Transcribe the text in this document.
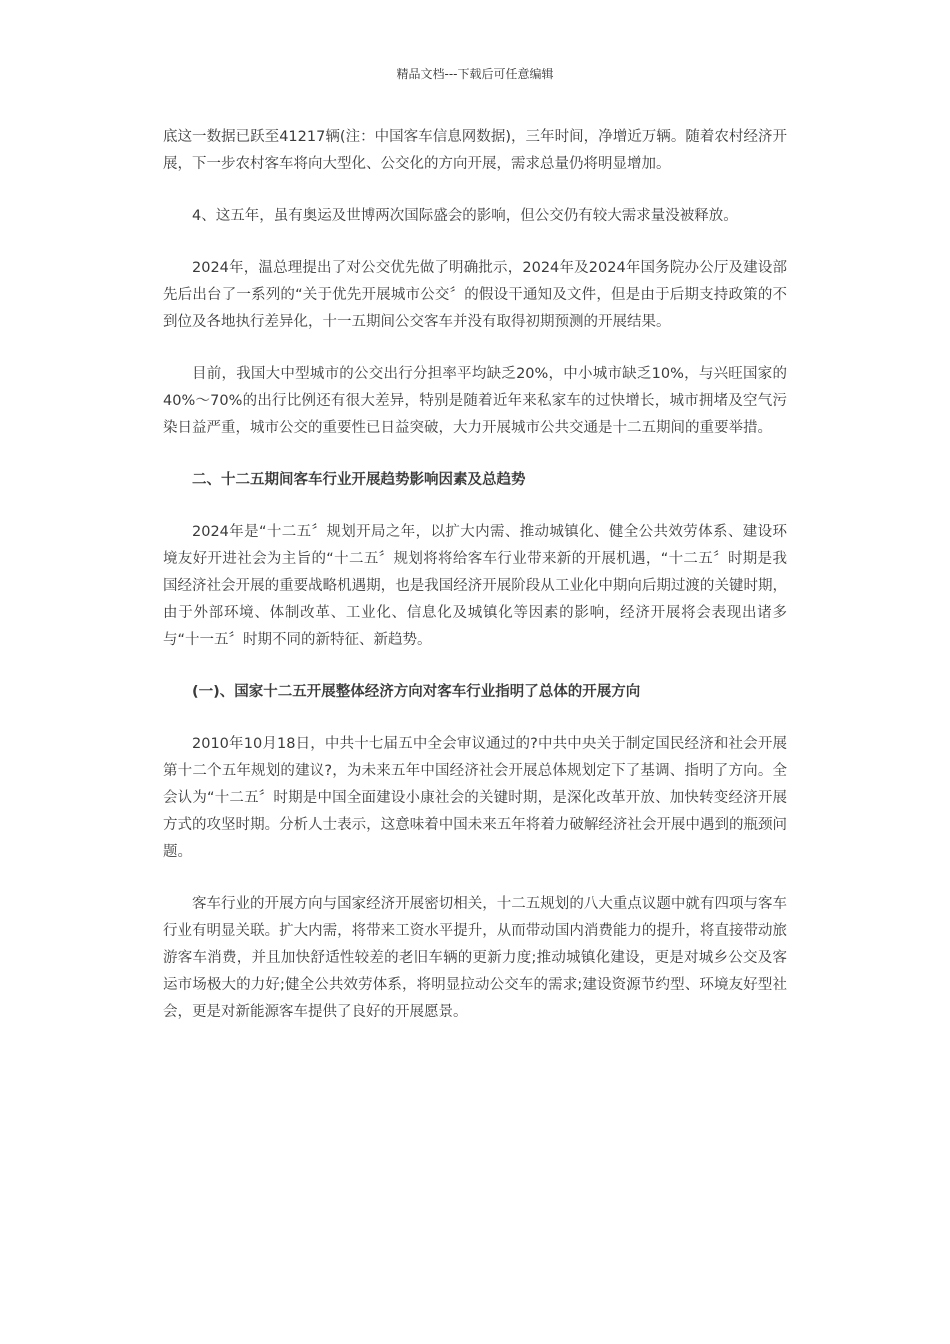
精品文档---下载后可任意编辑

底这一数据已跃至41217辆(注：中国客车信息网数据)，三年时间，净增近万辆。随着农村经济开展，下一步农村客车将向大型化、公交化的方向开展，需求总量仍将明显增加。

4、这五年，虽有奥运及世博两次国际盛会的影响，但公交仍有较大需求量没被释放。

2024年，温总理提出了对公交优先做了明确批示，2024年及2024年国务院办公厅及建设部先后出台了一系列的“关于优先开展城市公交〞的假设干通知及文件，但是由于后期支持政策的不到位及各地执行差异化，十一五期间公交客车并没有取得初期预测的开展结果。

目前，我国大中型城市的公交出行分担率平均缺乏20%，中小城市缺乏10%，与兴旺国家的40%～70%的出行比例还有很大差异，特别是随着近年来私家车的过快增长，城市拥堵及空气污染日益严重，城市公交的重要性已日益突破，大力开展城市公共交通是十二五期间的重要举措。

二、十二五期间客车行业开展趋势影响因素及总趋势

2024年是“十二五〞规划开局之年，以扩大内需、推动城镇化、健全公共效劳体系、建设环境友好开进社会为主旨的“十二五〞规划将将给客车行业带来新的开展机遇，“十二五〞时期是我国经济社会开展的重要战略机遇期，也是我国经济开展阶段从工业化中期向后期过渡的关键时期，由于外部环境、体制改革、工业化、信息化及城镇化等因素的影响，经济开展将会表现出诸多与“十一五〞时期不同的新特征、新趋势。

(一)、国家十二五开展整体经济方向对客车行业指明了总体的开展方向

2010年10月18日，中共十七届五中全会审议通过的?中共中央关于制定国民经济和社会开展第十二个五年规划的建议?，为未来五年中国经济社会开展总体规划定下了基调、指明了方向。全会认为“十二五〞时期是中国全面建设小康社会的关键时期，是深化改革开放、加快转变经济开展方式的攻坚时期。分析人士表示，这意味着中国未来五年将着力破解经济社会开展中遇到的瓶颈问题。

客车行业的开展方向与国家经济开展密切相关，十二五规划的八大重点议题中就有四项与客车行业有明显关联。扩大内需，将带来工资水平提升，从而带动国内消费能力的提升，将直接带动旅游客车消费，并且加快舒适性较差的老旧车辆的更新力度;推动城镇化建设，更是对城乡公交及客运市场极大的力好;健全公共效劳体系，将明显拉动公交车的需求;建设资源节约型、环境友好型社会，更是对新能源客车提供了良好的开展愿景。
